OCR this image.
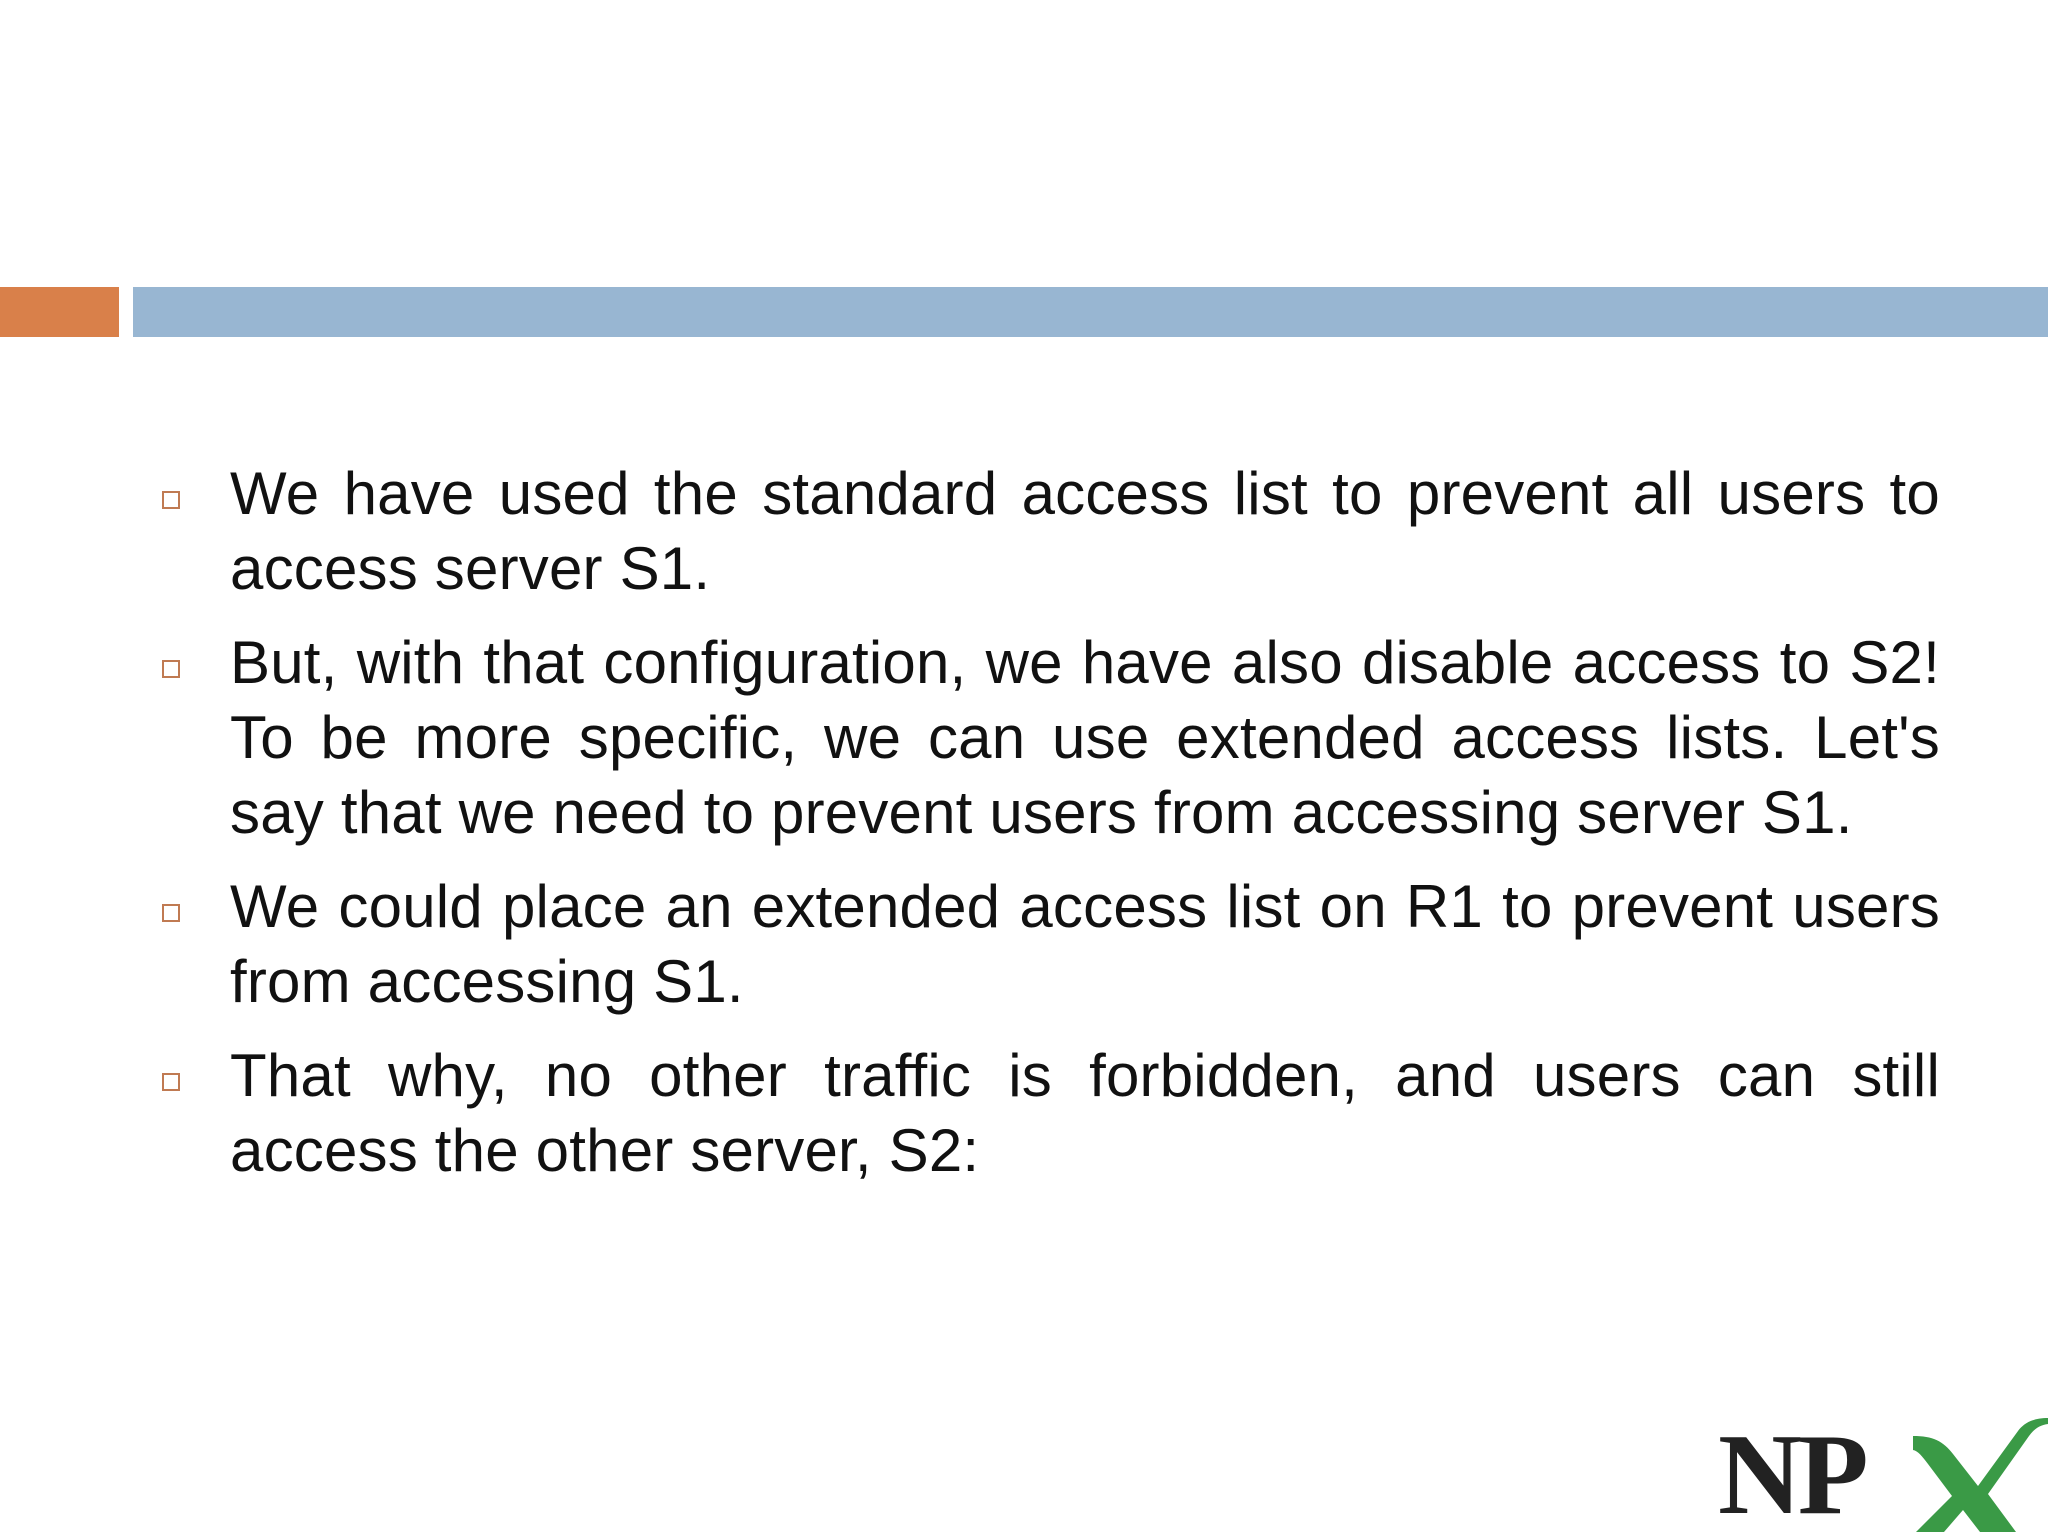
We have used the standard access list to prevent all users to access server S1.
But, with that configuration, we have also disable access to S2! To be more specific, we can use extended access lists. Let's say that we need to prevent users from accessing server S1.
We could place an extended access list on R1 to prevent users from accessing S1.
That why, no other traffic is forbidden, and users can still access the other server, S2:
NP
